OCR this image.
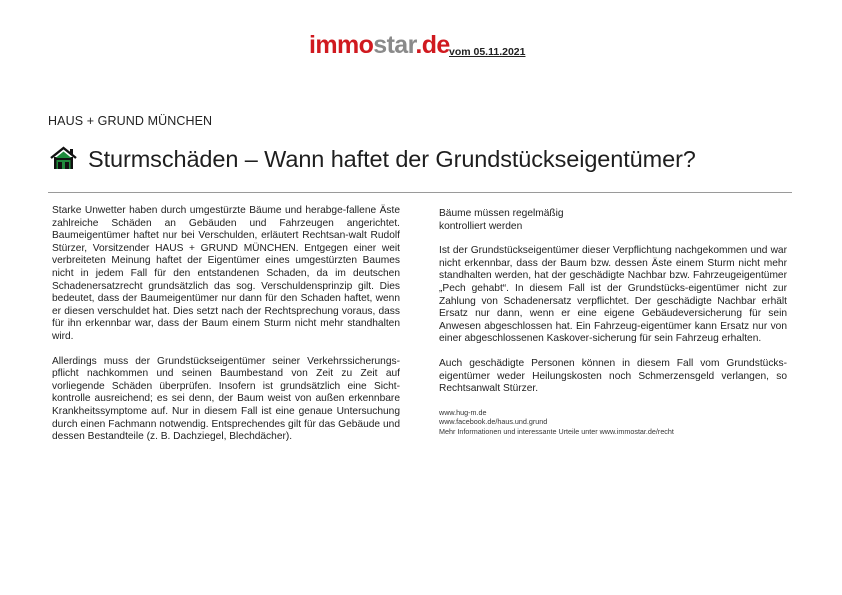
immostar.de vom 05.11.2021
HAUS + GRUND MÜNCHEN
Sturmschäden – Wann haftet der Grundstückseigentümer?

Starke Unwetter haben durch umgestürzte Bäume und herabge-fallene Äste zahlreiche Schäden an Gebäuden und Fahrzeugen angerichtet. Baumeigentümer haftet nur bei Verschulden, erläutert Rechtsan-walt Rudolf Stürzer, Vorsitzender HAUS + GRUND MÜNCHEN. Entgegen einer weit verbreiteten Meinung haftet der Eigentümer eines umgestürzten Baumes nicht in jedem Fall für den entstandenen Schaden, da im deutschen Schadenersatzrecht grundsätzlich das sog. Verschuldensprinzip gilt. Dies bedeutet, dass der Baumeigentümer nur dann für den Schaden haftet, wenn er diesen verschuldet hat. Dies setzt nach der Rechtsprechung voraus, dass für ihn erkennbar war, dass der Baum einem Sturm nicht mehr standhalten wird.

Allerdings muss der Grundstückseigentümer seiner Verkehrssicherungs-pflicht nachkommen und seinen Baumbestand von Zeit zu Zeit auf vorliegende Schäden überprüfen. Insofern ist grundsätzlich eine Sicht-kontrolle ausreichend; es sei denn, der Baum weist von außen erkennbare Krankheitssymptome auf. Nur in diesem Fall ist eine genaue Untersuchung durch einen Fachmann notwendig. Entsprechendes gilt für das Gebäude und dessen Bestandteile (z. B. Dachziegel, Blechdächer).

Bäume müssen regelmäßig
kontrolliert werden

Ist der Grundstückseigentümer dieser Verpflichtung nachgekommen und war nicht erkennbar, dass der Baum bzw. dessen Äste einem Sturm nicht mehr standhalten werden, hat der geschädigte Nachbar bzw. Fahrzeugeigentümer „Pech gehabt“. In diesem Fall ist der Grundstücks-eigentümer nicht zur Zahlung von Schadenersatz verpflichtet. Der geschädigte Nachbar erhält Ersatz nur dann, wenn er eine eigene Gebäudeversicherung für sein Anwesen abgeschlossen hat. Ein Fahrzeug-eigentümer kann Ersatz nur von einer abgeschlossenen Kaskover-sicherung für sein Fahrzeug erhalten.

Auch geschädigte Personen können in diesem Fall vom Grundstücks-eigentümer weder Heilungskosten noch Schmerzensgeld verlangen, so Rechtsanwalt Stürzer.

www.hug-m.de
www.facebook.de/haus.und.grund
Mehr Informationen und interessante Urteile unter www.immostar.de/recht
